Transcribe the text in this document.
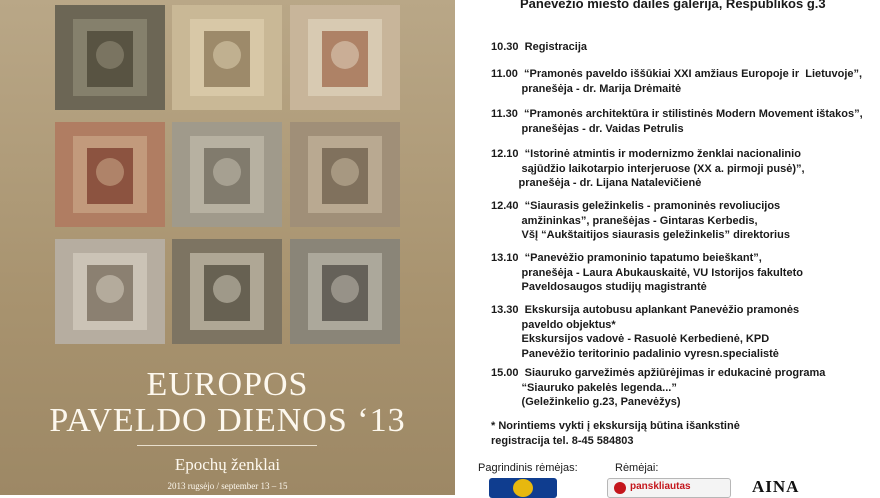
EUROPOS
PAVELDO DIENOS ‘13
Epochų ženklai
2013 rugsėjo / september 13 – 15
Panevėžio miesto dailės galerija, Respublikos g.3
10.30  Registracija
11.00  “Pramonės paveldo iššūkiai XXI amžiaus Europoje ir  Lietuvoje”,
pranešėja - dr. Marija Drėmaitė
11.30  “Pramonės architektūra ir stilistinės Modern Movement ištakos”,
pranešėjas - dr. Vaidas Petrulis
12.10  “Istorinė atmintis ir modernizmo ženklai nacionalinio
sąjūdžio laikotarpio interjeruose (XX a. pirmoji pusė)”,
pranešėja - dr. Lijana Natalevičienė
12.40  “Siaurasis geležinkelis - pramoninės revoliucijos
amžininkas”, pranešėjas - Gintaras Kerbedis,
VšĮ “Aukštaitijos siaurasis geležinkelis” direktorius
13.10  “Panevėžio pramoninio tapatumo beieškant”,
pranešėja - Laura Abukauskaitė, VU Istorijos fakulteto
Paveldosaugos studijų magistrantė
13.30  Ekskursija autobusu aplankant Panevėžio pramonės
paveldo objektus*
Ekskursijos vadovė - Rasuolė Kerbedienė, KPD
Panevėžio teritorinio padalinio vyresn.specialistė
15.00  Siauruko garvežimės apžiūrėjimas ir edukacinė programa
“Siauruko pakelės legenda...”
(Geležinkelio g.23, Panevėžys)
* Norintiems vykti į ekskursiją būtina išankstinė
registracija tel. 8-45 584803
Pagrindinis rėmėjas:	Rėmėjai:
panskliautas	AINA
